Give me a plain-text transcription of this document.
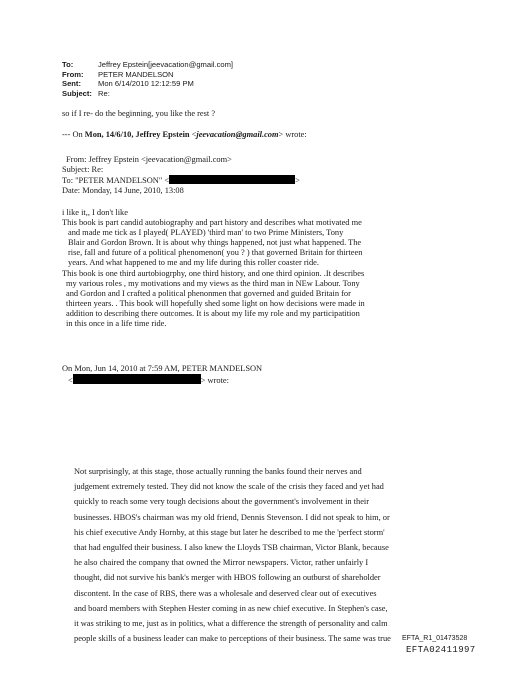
To:	Jeffrey Epstein[jeevacation@gmail.com]
From:	PETER MANDELSON
Sent:	Mon 6/14/2010 12:12:59 PM
Subject: Re:
so if I re- do the beginning, you like the rest ?
--- On Mon, 14/6/10, Jeffrey Epstein <jeevacation@gmail.com> wrote:
From: Jeffrey Epstein <jeevacation@gmail.com>
Subject: Re:
To: "PETER MANDELSON" <	>
Date: Monday, 14 June, 2010, 13:08
i like it,, I don't like
This book is part candid autobiography and part history and describes what motivated me
and made me tick as I played( PLAYED) 'third man' to two Prime Ministers, Tony
Blair and Gordon Brown. It is about why things happened, not just what happened. The
rise, fall and future of a political phenomenon( you ? ) that governed Britain for thirteen
years. And what happened to me and my life during this roller coaster ride.
This book is one third aurtobiogrphy, one third history, and one third opinion. .It describes
my various roles , my motivations and my views as the third man in NEw Labour. Tony
and Gordon and I crafted a political phenonmen that governed and guided Britain for
thirteen years. . This book will hopefully shed some light on how decisions were made in
addition to describing there outcomes. It is about my life my role and my participatition
in this once in a life time ride.
On Mon, Jun 14, 2010 at 7:59 AM, PETER MANDELSON
<	> wrote:
Not surprisingly, at this stage, those actually running the banks found their nerves and
judgement extremely tested. They did not know the scale of the crisis they faced and yet had
quickly to reach some very tough decisions about the government's involvement in their
businesses. HBOS's chairman was my old friend, Dennis Stevenson. I did not speak to him, or
his chief executive Andy Hornby, at this stage but later he described to me the 'perfect storm'
that had engulfed their business. I also knew the Lloyds TSB chairman, Victor Blank, because
he also chaired the company that owned the Mirror newspapers. Victor, rather unfairly I
thought, did not survive his bank's merger with HBOS following an outburst of shareholder
discontent. In the case of RBS, there was a wholesale and deserved clear out of executives
and board members with Stephen Hester coming in as new chief executive. In Stephen's case,
it was striking to me, just as in politics, what a difference the strength of personality and calm
people skills of a business leader can make to perceptions of their business. The same was true EFTA_R1_01473528
EFTA02411997
